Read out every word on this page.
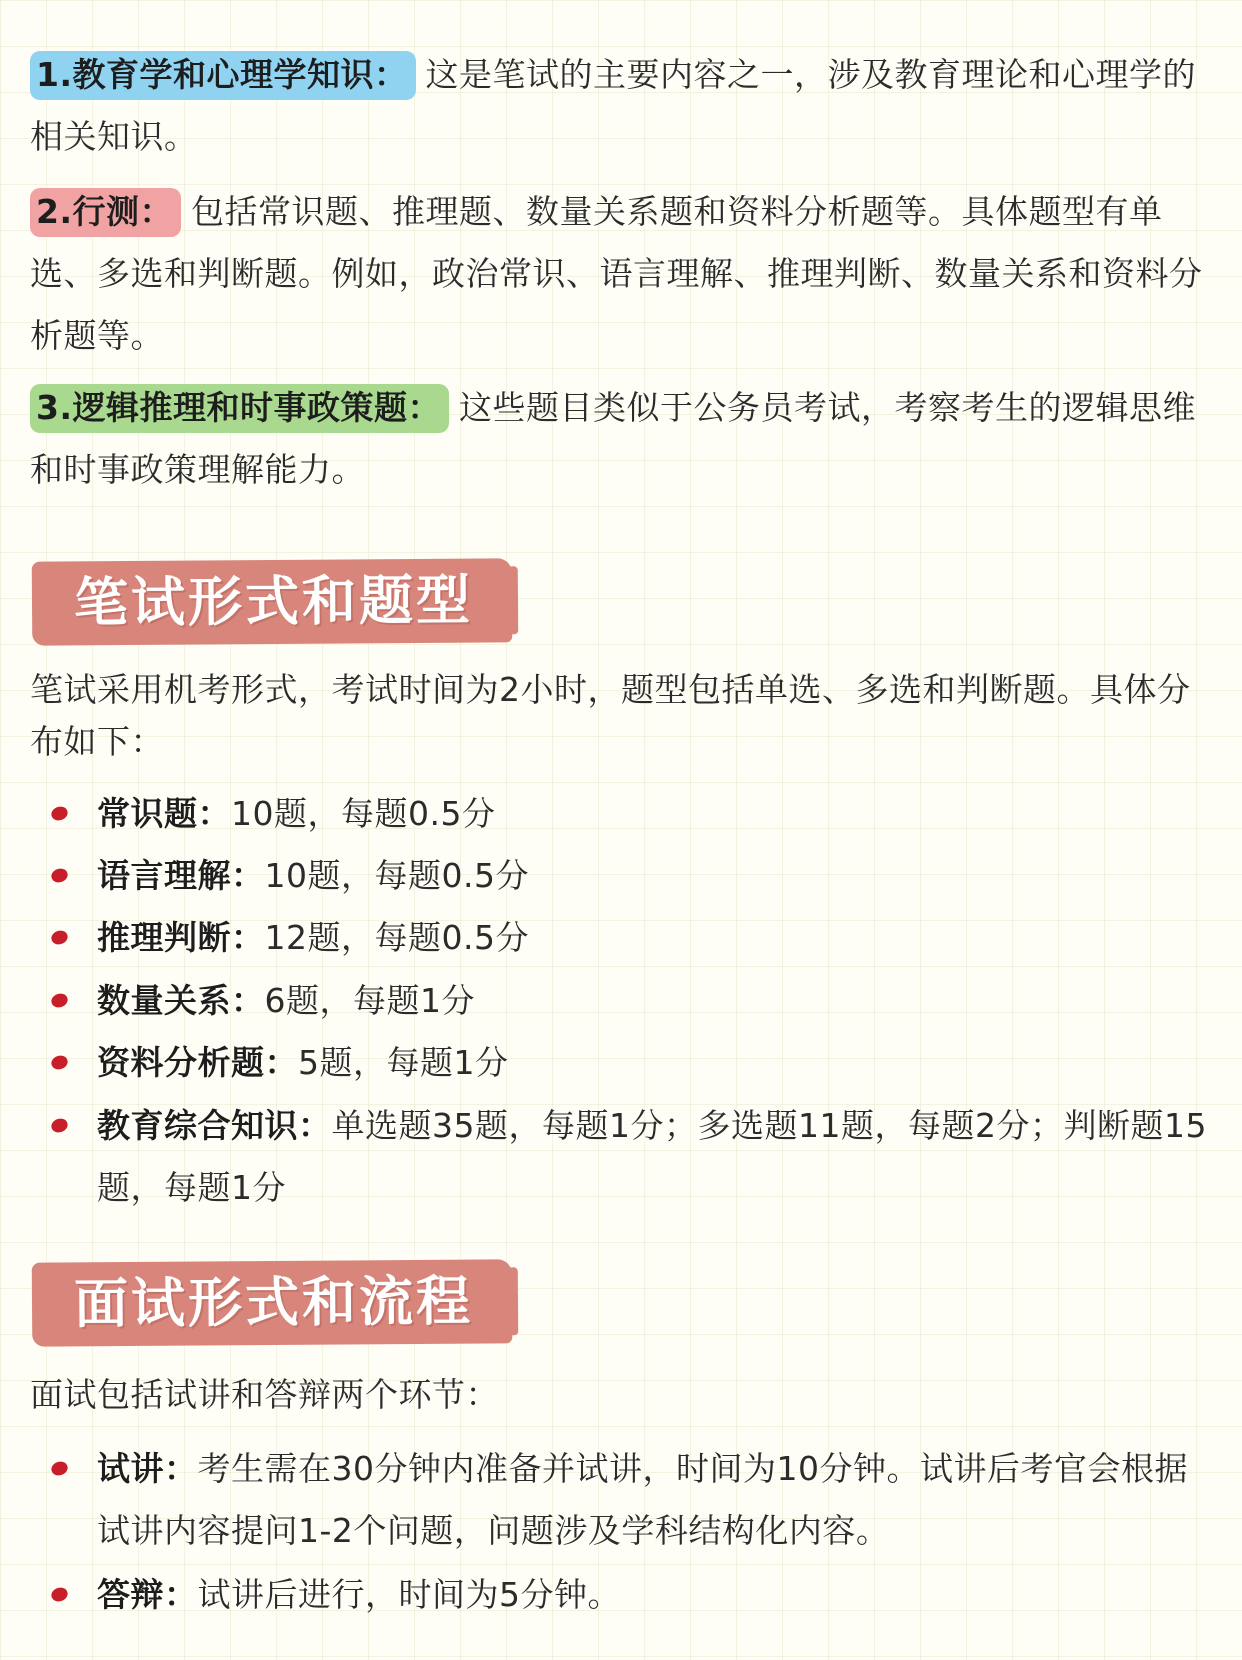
1.教育学和心理学知识： 这是笔试的主要内容之一，涉及教育理论和心理学的相关知识。
2.行测： 包括常识题、推理题、数量关系题和资料分析题等。具体题型有单选、多选和判断题。例如，政治常识、语言理解、推理判断、数量关系和资料分析题等。
3.逻辑推理和时事政策题： 这些题目类似于公务员考试，考察考生的逻辑思维和时事政策理解能力。
笔试形式和题型
笔试采用机考形式，考试时间为2小时，题型包括单选、多选和判断题。具体分布如下：
常识题：10题，每题0.5分
语言理解：10题，每题0.5分
推理判断：12题，每题0.5分
数量关系：6题，每题1分
资料分析题：5题，每题1分
教育综合知识：单选题35题，每题1分；多选题11题，每题2分；判断题15题，每题1分
面试形式和流程
面试包括试讲和答辩两个环节：
试讲：考生需在30分钟内准备并试讲，时间为10分钟。试讲后考官会根据试讲内容提问1-2个问题，问题涉及学科结构化内容。
答辩：试讲后进行，时间为5分钟。
